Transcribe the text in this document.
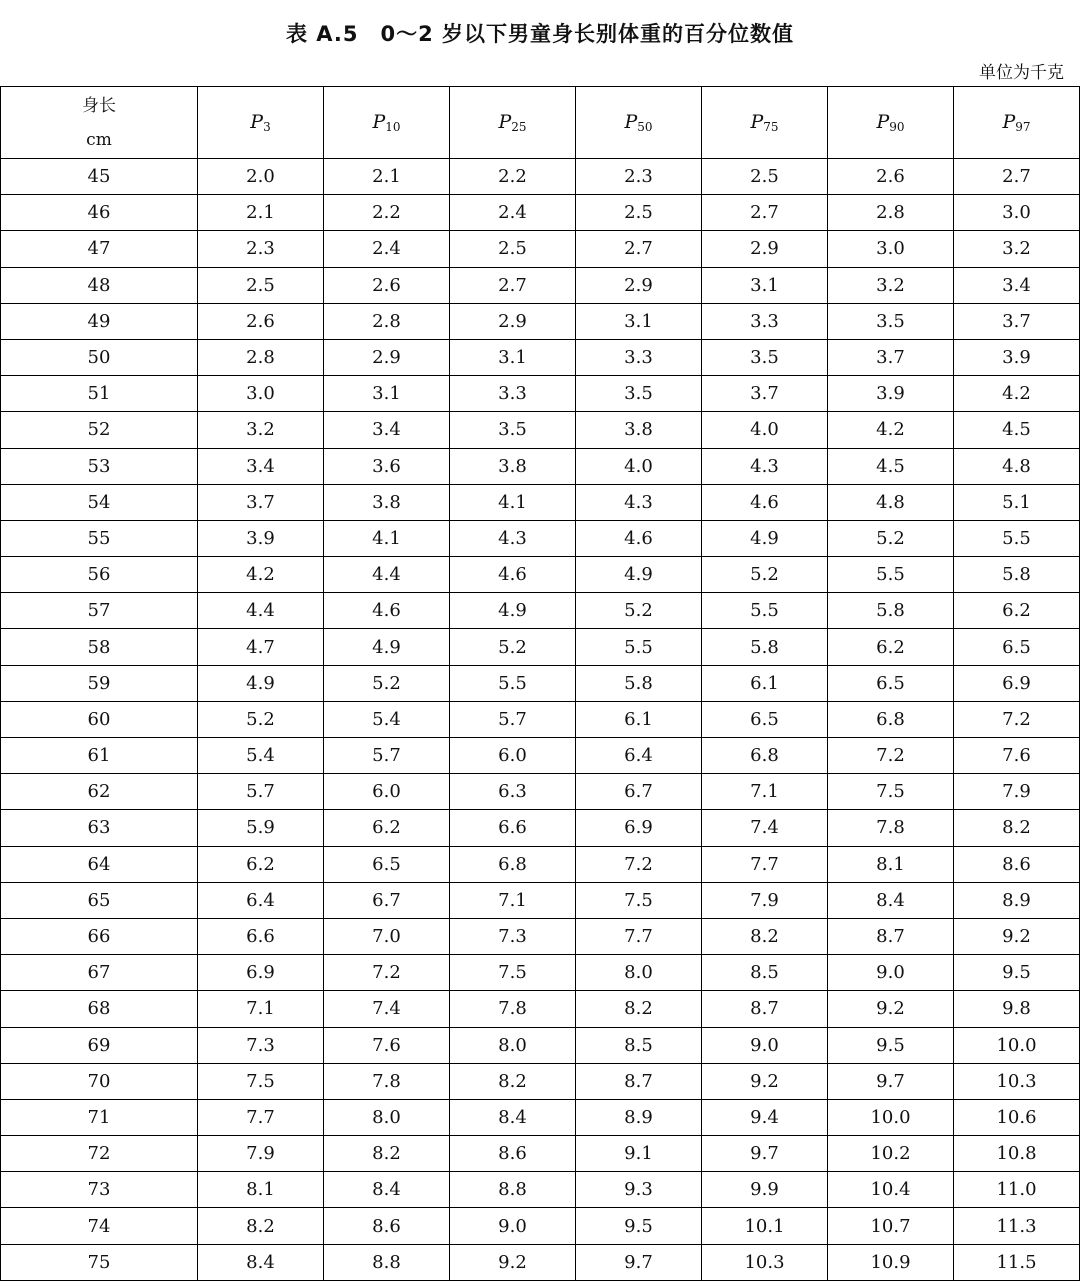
表 A.5　0～2 岁以下男童身长别体重的百分位数值
单位为千克
身长
cm	P3	P10	P25	P50	P75	P90	P97
45	2.0	2.1	2.2	2.3	2.5	2.6	2.7
46	2.1	2.2	2.4	2.5	2.7	2.8	3.0
47	2.3	2.4	2.5	2.7	2.9	3.0	3.2
48	2.5	2.6	2.7	2.9	3.1	3.2	3.4
49	2.6	2.8	2.9	3.1	3.3	3.5	3.7
50	2.8	2.9	3.1	3.3	3.5	3.7	3.9
51	3.0	3.1	3.3	3.5	3.7	3.9	4.2
52	3.2	3.4	3.5	3.8	4.0	4.2	4.5
53	3.4	3.6	3.8	4.0	4.3	4.5	4.8
54	3.7	3.8	4.1	4.3	4.6	4.8	5.1
55	3.9	4.1	4.3	4.6	4.9	5.2	5.5
56	4.2	4.4	4.6	4.9	5.2	5.5	5.8
57	4.4	4.6	4.9	5.2	5.5	5.8	6.2
58	4.7	4.9	5.2	5.5	5.8	6.2	6.5
59	4.9	5.2	5.5	5.8	6.1	6.5	6.9
60	5.2	5.4	5.7	6.1	6.5	6.8	7.2
61	5.4	5.7	6.0	6.4	6.8	7.2	7.6
62	5.7	6.0	6.3	6.7	7.1	7.5	7.9
63	5.9	6.2	6.6	6.9	7.4	7.8	8.2
64	6.2	6.5	6.8	7.2	7.7	8.1	8.6
65	6.4	6.7	7.1	7.5	7.9	8.4	8.9
66	6.6	7.0	7.3	7.7	8.2	8.7	9.2
67	6.9	7.2	7.5	8.0	8.5	9.0	9.5
68	7.1	7.4	7.8	8.2	8.7	9.2	9.8
69	7.3	7.6	8.0	8.5	9.0	9.5	10.0
70	7.5	7.8	8.2	8.7	9.2	9.7	10.3
71	7.7	8.0	8.4	8.9	9.4	10.0	10.6
72	7.9	8.2	8.6	9.1	9.7	10.2	10.8
73	8.1	8.4	8.8	9.3	9.9	10.4	11.0
74	8.2	8.6	9.0	9.5	10.1	10.7	11.3
75	8.4	8.8	9.2	9.7	10.3	10.9	11.5
